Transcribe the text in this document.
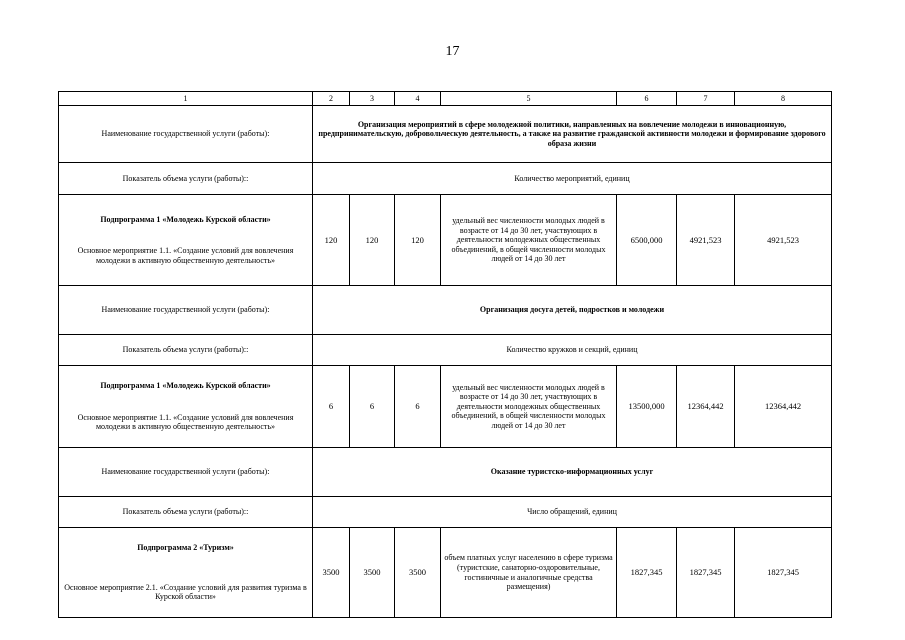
17
1	2	3	4	5	6	7	8
Наименование государственной услуги (работы):	Организация мероприятий в сфере молодежной политики, направленных на вовлечение молодежи в инновационную, предпринимательскую, добровольческую деятельность, а также на развитие гражданской активности молодежи и формирование здорового образа жизни						
Показатель объема услуги (работы)::	Количество мероприятий, единиц						

Подпрограмма 1 «Молодежь Курской области»
Основное мероприятие 1.1. «Создание условий для вовлечения молодежи в активную общественную деятельность»	120	120	120	удельный вес численности молодых людей в возрасте от 14 до 30 лет, участвующих в деятельности молодежных общественных объединений, в общей численности молодых людей от 14 до 30 лет	6500,000	4921,523	4921,523
Наименование государственной услуги (работы):	Организация досуга детей, подростков и молодежи						
Показатель объема услуги (работы)::	Количество кружков и секций, единиц						

Подпрограмма 1 «Молодежь Курской области»
Основное мероприятие 1.1. «Создание условий для вовлечения молодежи в активную общественную деятельность»	6	6	6	удельный вес численности молодых людей в возрасте от 14 до 30 лет, участвующих в деятельности молодежных общественных объединений, в общей численности молодых людей от 14 до 30 лет	13500,000	12364,442	12364,442
Наименование государственной услуги (работы):	Оказание туристско-информационных услуг						
Показатель объема услуги (работы)::	Число обращений, единиц						

Подпрограмма 2 «Туризм»
Основное мероприятие 2.1. «Создание условий для развития туризма в Курской области»	3500	3500	3500	объем платных услуг населению в сфере туризма (туристские, санаторно-оздоровительные, гостиничные и аналогичные средства размещения)	1827,345	1827,345	1827,345
